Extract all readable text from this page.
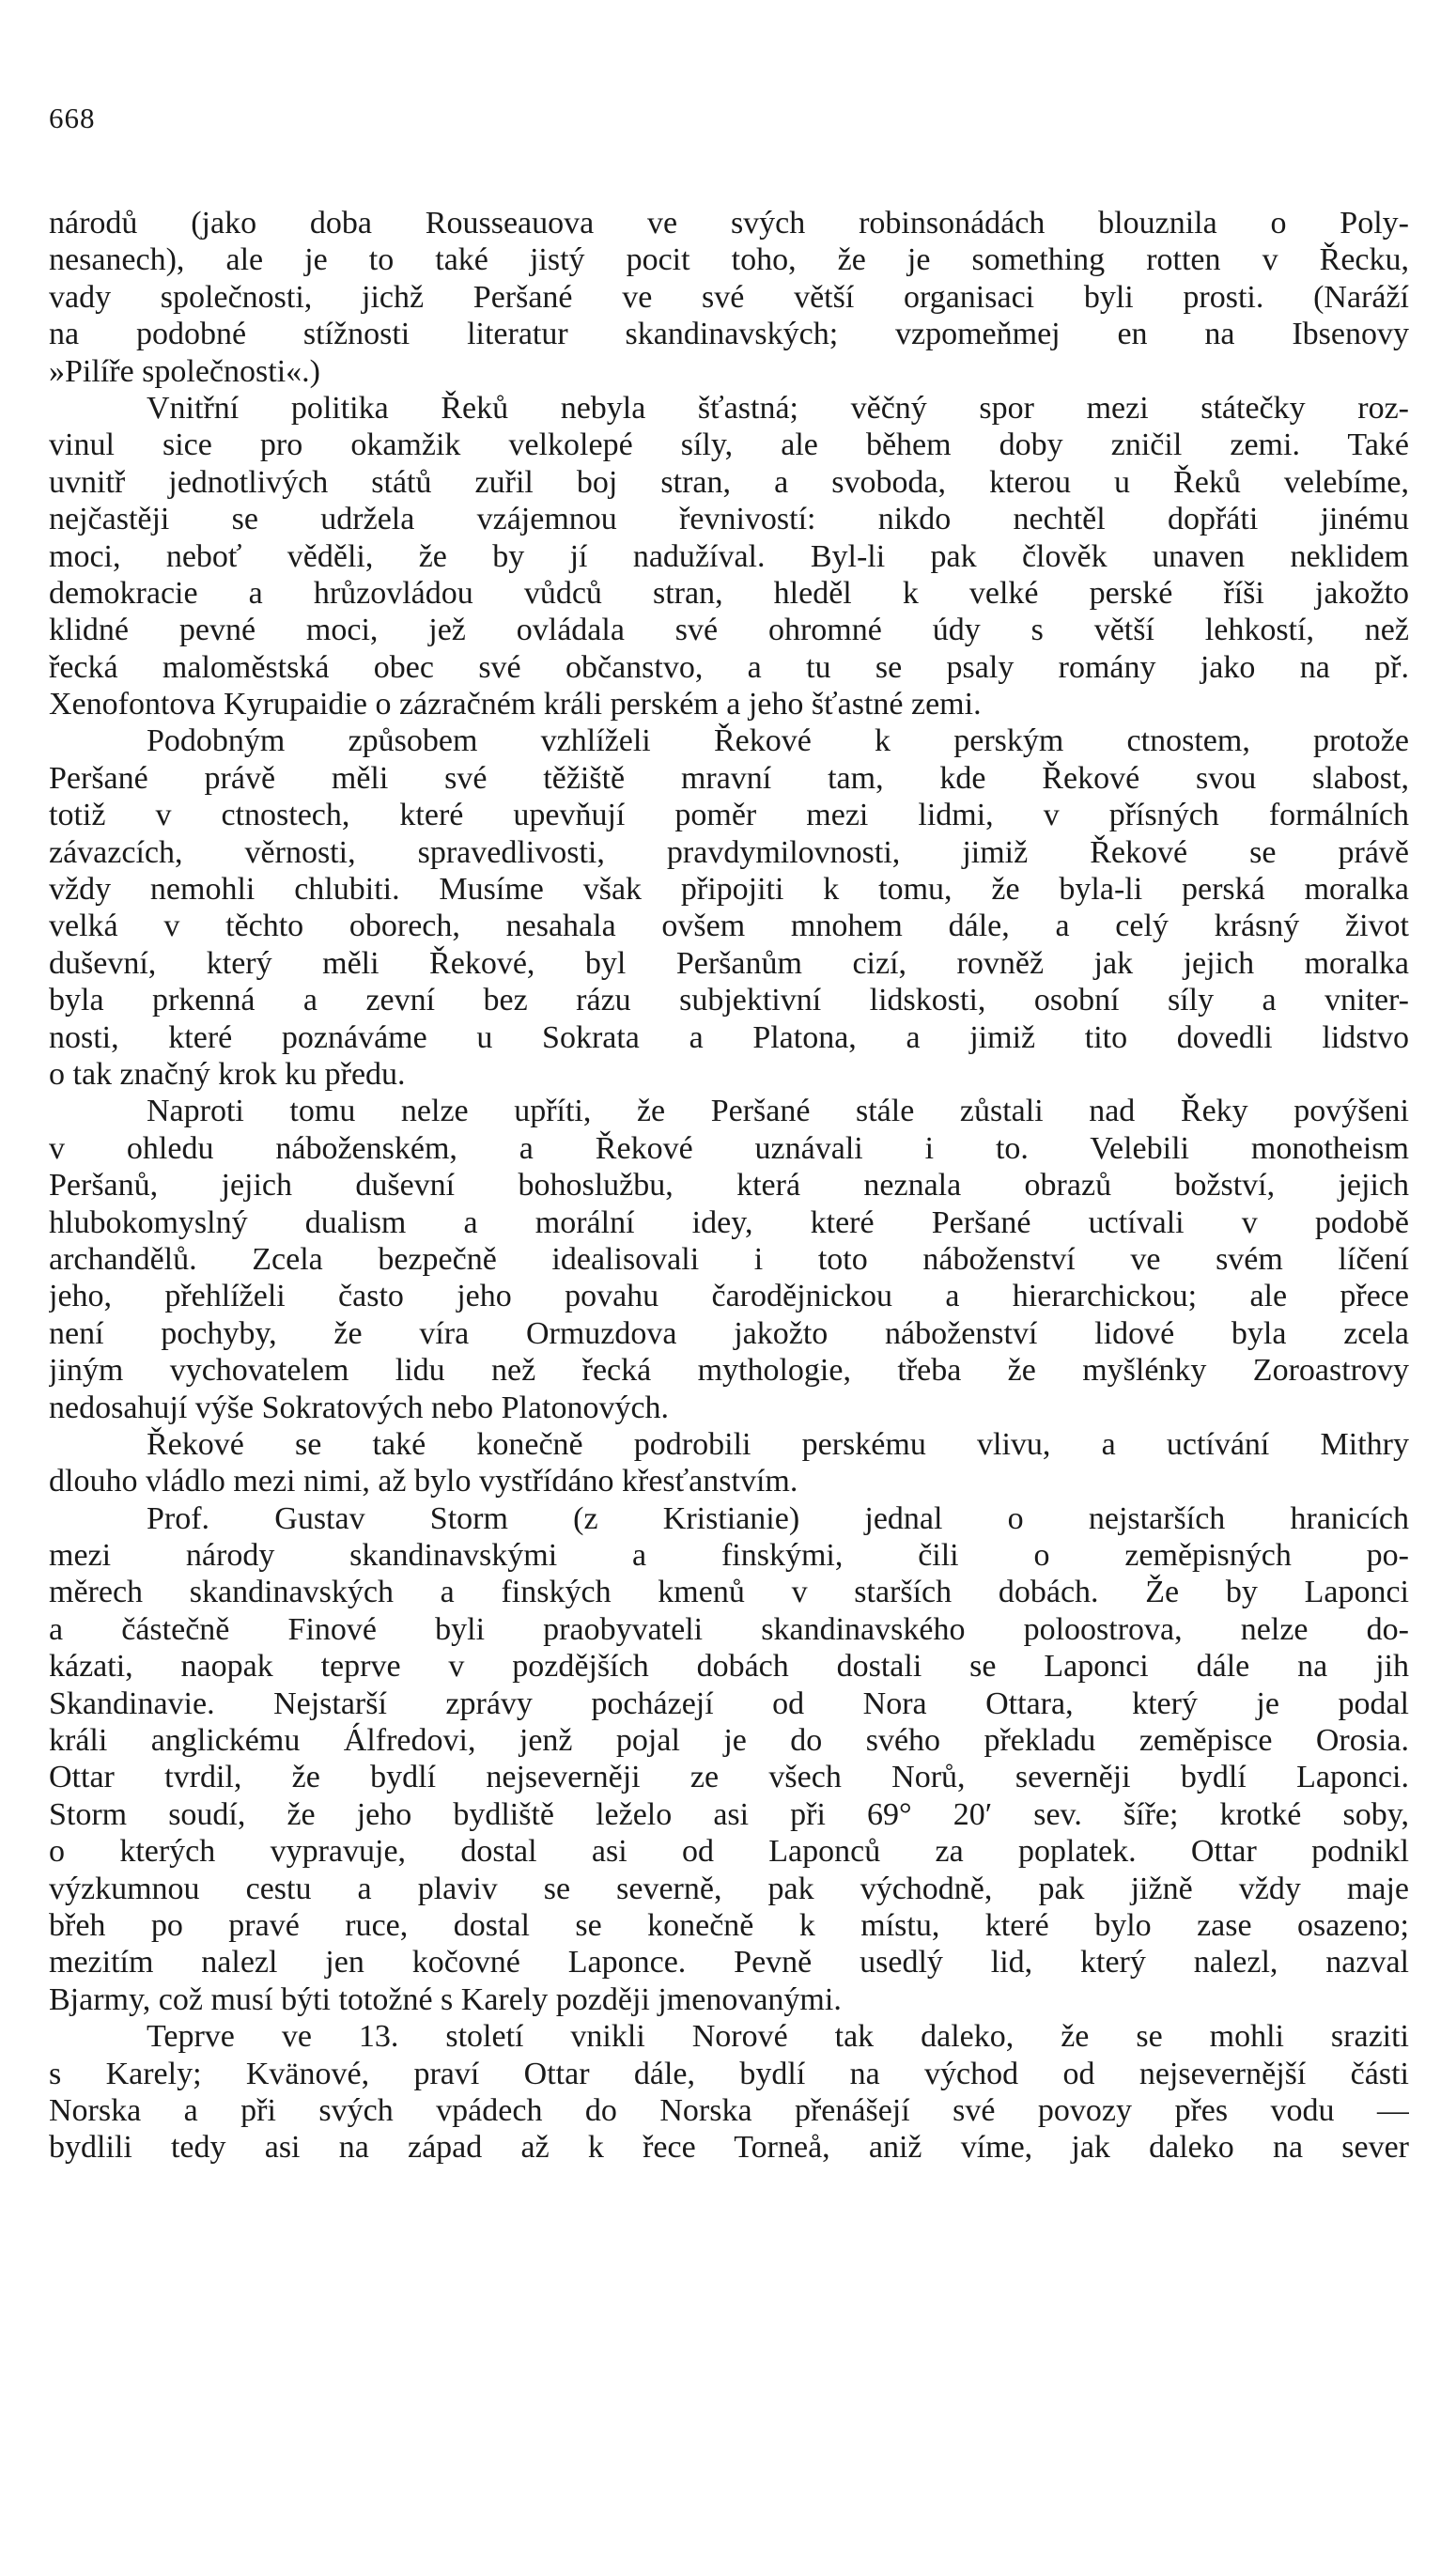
668
národů (jako doba Rousseauova ve svých robinsonádách blouznila o Poly-
nesanech), ale je to také jistý pocit toho, že je something rotten v Řecku,
vady společnosti, jichž Peršané ve své větší organisaci byli prosti. (Naráží
na podobné stížnosti literatur skandinavských; vzpomeňmej en na Ibsenovy
»Pilíře společnosti«.)
Vnitřní politika Řeků nebyla šťastná; věčný spor mezi státečky roz-
vinul sice pro okamžik velkolepé síly, ale během doby zničil zemi. Také
uvnitř jednotlivých států zuřil boj stran, a svoboda, kterou u Řeků velebíme,
nejčastěji se udržela vzájemnou řevnivostí: nikdo nechtěl dopřáti jinému
moci, neboť věděli, že by jí nadužíval. Byl-li pak člověk unaven neklidem
demokracie a hrůzovládou vůdců stran, hleděl k velké perské říši jakožto
klidné pevné moci, jež ovládala své ohromné údy s větší lehkostí, než
řecká maloměstská obec své občanstvo, a tu se psaly romány jako na př.
Xenofontova Kyrupaidie o zázračném králi perském a jeho šťastné zemi.
Podobným způsobem vzhlíželi Řekové k perským ctnostem, protože
Peršané právě měli své těžiště mravní tam, kde Řekové svou slabost,
totiž v ctnostech, které upevňují poměr mezi lidmi, v přísných formálních
závazcích, věrnosti, spravedlivosti, pravdymilovnosti, jimiž Řekové se právě
vždy nemohli chlubiti. Musíme však připojiti k tomu, že byla-li perská moralka
velká v těchto oborech, nesahala ovšem mnohem dále, a celý krásný život
duševní, který měli Řekové, byl Peršanům cizí, rovněž jak jejich moralka
byla prkenná a zevní bez rázu subjektivní lidskosti, osobní síly a vniter-
nosti, které poznáváme u Sokrata a Platona, a jimiž tito dovedli lidstvo
o tak značný krok ku předu.
Naproti tomu nelze upříti, že Peršané stále zůstali nad Řeky povýšeni
v ohledu náboženském, a Řekové uznávali i to. Velebili monotheism
Peršanů, jejich duševní bohoslužbu, která neznala obrazů božství, jejich
hlubokomyslný dualism a morální idey, které Peršané uctívali v podobě
archandělů. Zcela bezpečně idealisovali i toto náboženství ve svém líčení
jeho, přehlíželi často jeho povahu čarodějnickou a hierarchickou; ale přece
není pochyby, že víra Ormuzdova jakožto náboženství lidové byla zcela
jiným vychovatelem lidu než řecká mythologie, třeba že myšlénky Zoroastrovy
nedosahují výše Sokratových nebo Platonových.
Řekové se také konečně podrobili perskému vlivu, a uctívání Mithry
dlouho vládlo mezi nimi, až bylo vystřídáno křesťanstvím.
Prof. Gustav Storm (z Kristianie) jednal o nejstarších hranicích
mezi národy skandinavskými a finskými, čili o zeměpisných po-
měrech skandinavských a finských kmenů v starších dobách. Že by Laponci
a částečně Finové byli praobyvateli skandinavského poloostrova, nelze do-
kázati, naopak teprve v pozdějších dobách dostali se Laponci dále na jih
Skandinavie. Nejstarší zprávy pocházejí od Nora Ottara, který je podal
králi anglickému Álfredovi, jenž pojal je do svého překladu zeměpisce Orosia.
Ottar tvrdil, že bydlí nejseverněji ze všech Norů, severněji bydlí Laponci.
Storm soudí, že jeho bydliště leželo asi při 69° 20′ sev. šíře; krotké soby,
o kterých vypravuje, dostal asi od Laponců za poplatek. Ottar podnikl
výzkumnou cestu a plaviv se severně, pak východně, pak jižně vždy maje
břeh po pravé ruce, dostal se konečně k místu, které bylo zase osazeno;
mezitím nalezl jen kočovné Laponce. Pevně usedlý lid, který nalezl, nazval
Bjarmy, což musí býti totožné s Karely později jmenovanými.
Teprve ve 13. století vnikli Norové tak daleko, že se mohli sraziti
s Karely; Kvänové, praví Ottar dále, bydlí na východ od nejsevernější části
Norska a při svých vpádech do Norska přenášejí své povozy přes vodu —
bydlili tedy asi na západ až k řece Torneå, aniž víme, jak daleko na sever
